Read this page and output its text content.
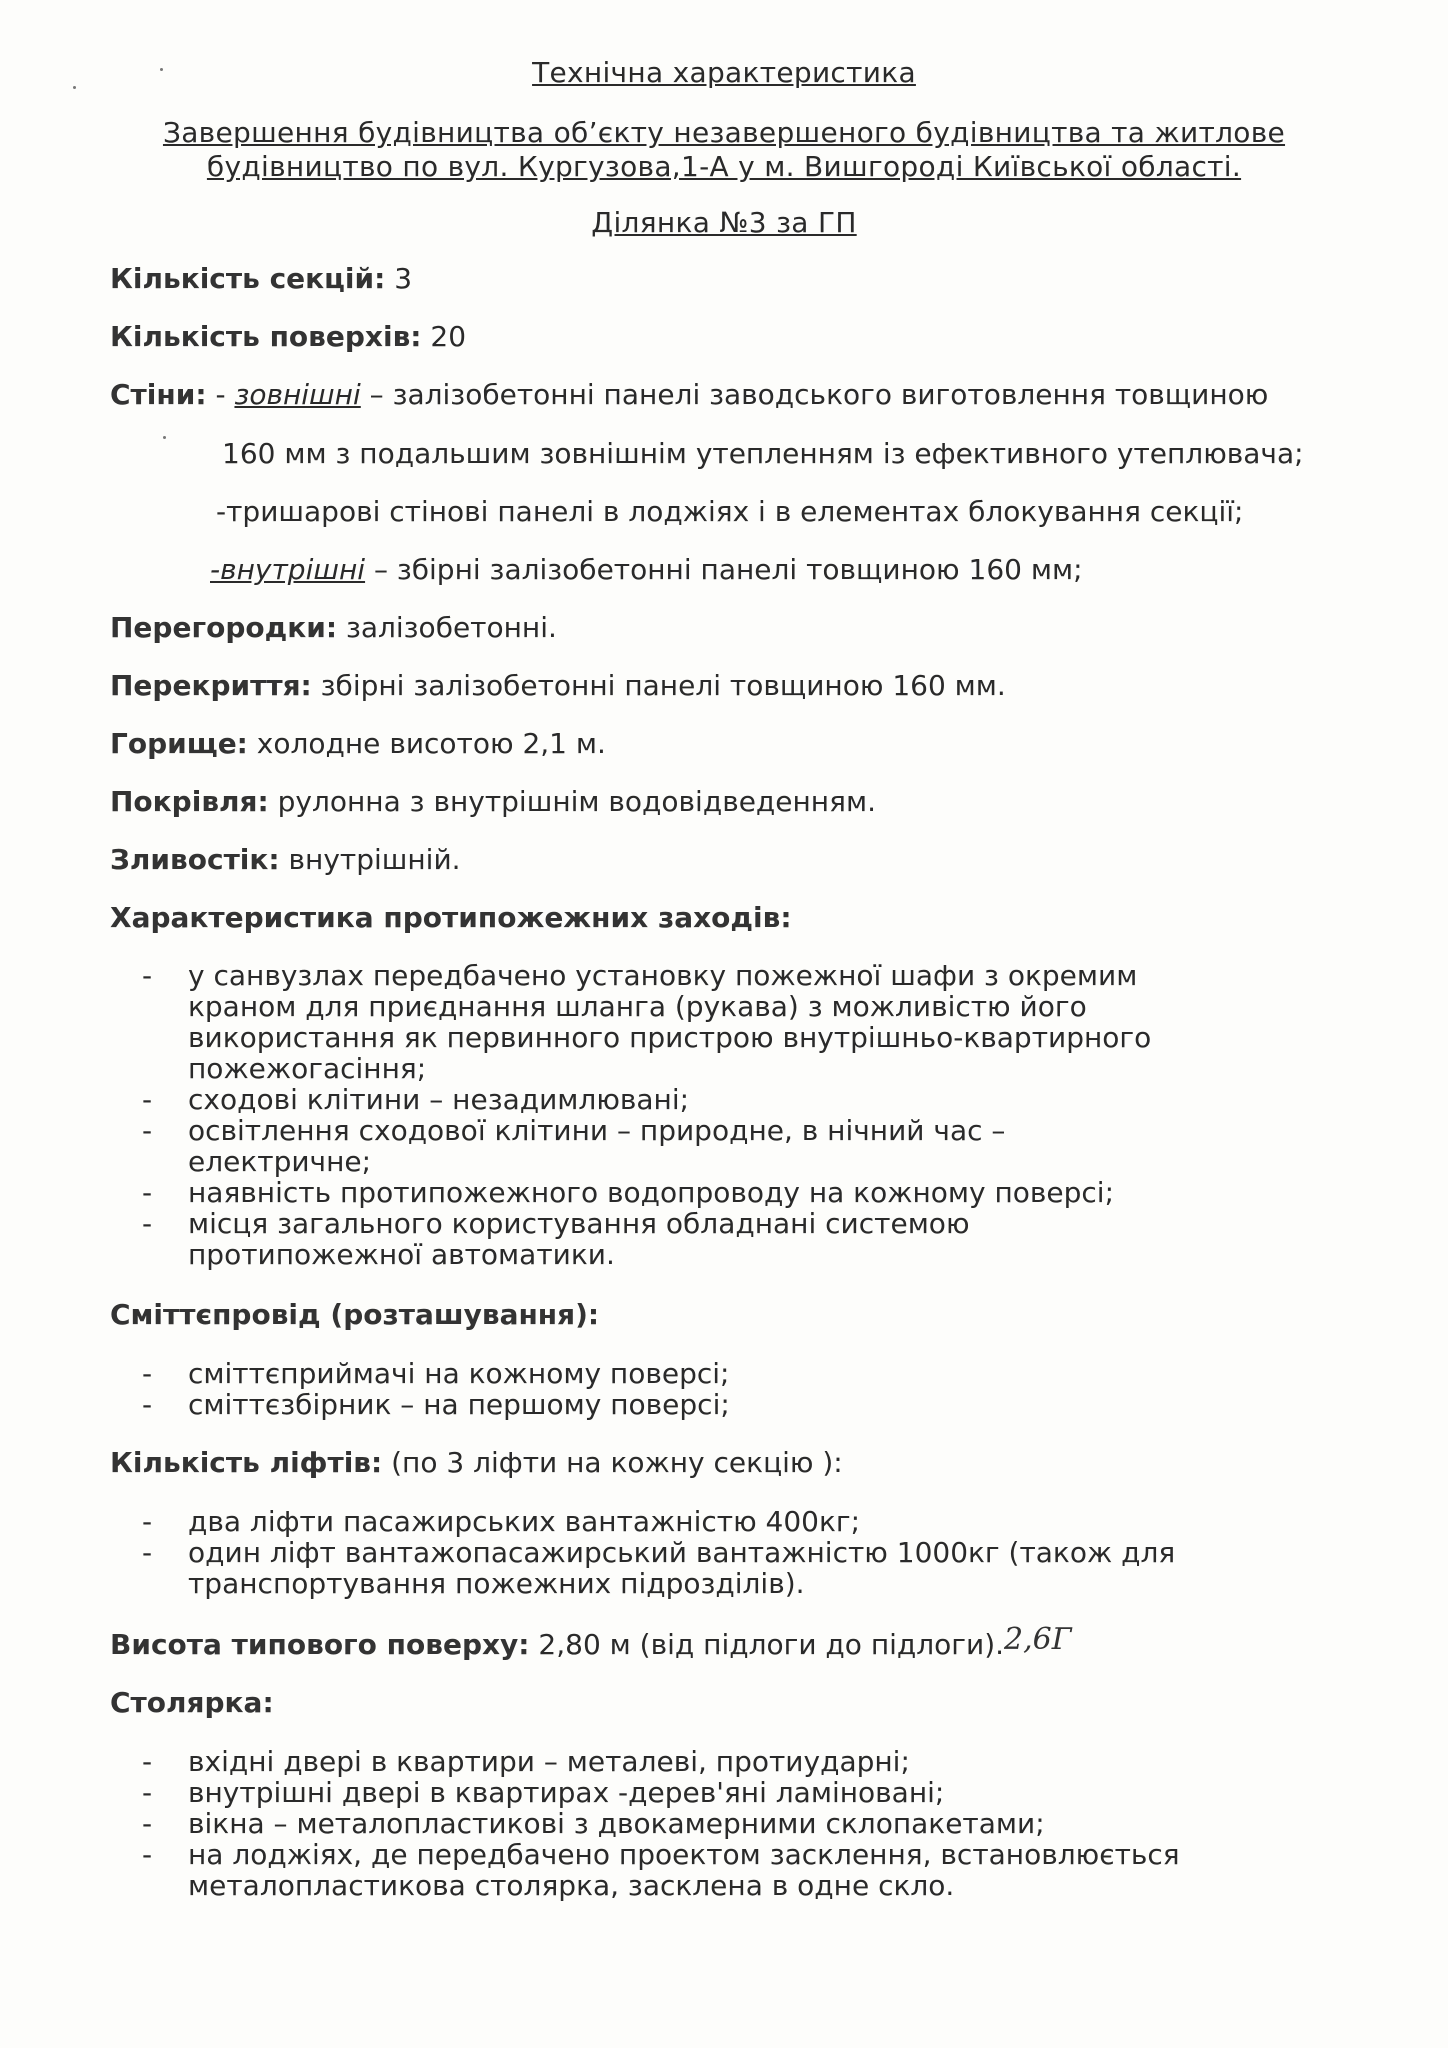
Технічна характеристика
Завершення будівництва об’єкту незавершеного будівництва та житлове
будівництво по вул. Кургузова,1-А у м. Вишгороді Київської області.
Ділянка №3 за ГП
Кількість секцій: 3
Кількість поверхів: 20
Стіни: - зовнішні – залізобетонні панелі заводського виготовлення товщиною
160 мм з подальшим зовнішнім утепленням із ефективного утеплювача;
-тришарові стінові панелі в лоджіях і в елементах блокування секції;
-внутрішні – збірні залізобетонні панелі товщиною 160 мм;
Перегородки: залізобетонні.
Перекриття: збірні залізобетонні панелі товщиною 160 мм.
Горище: холодне висотою 2,1 м.
Покрівля: рулонна з внутрішнім водовідведенням.
Зливостік: внутрішній.
Характеристика протипожежних заходів:
- у санвузлах передбачено установку пожежної шафи з окремим
краном для приєднання шланга (рукава) з можливістю його
використання як первинного пристрою внутрішньо-квартирного
пожежогасіння;
- сходові клітини – незадимлювані;
- освітлення сходової клітини – природне, в нічний час –
електричне;
- наявність протипожежного водопроводу на кожному поверсі;
- місця загального користування обладнані системою
протипожежної автоматики.
Сміттєпровід (розташування):
- сміттєприймачі на кожному поверсі;
- сміттєзбірник – на першому поверсі;
Кількість ліфтів: (по 3 ліфти на кожну секцію ):
- два ліфти пасажирських вантажністю 400кг;
- один ліфт вантажопасажирський вантажністю 1000кг (також для
транспортування пожежних підрозділів).
Висота типового поверху: 2,80 м (від підлоги до підлоги). 2,6Г
Столярка:
- вхідні двері в квартири – металеві, протиударні;
- внутрішні двері в квартирах -дерев'яні ламіновані;
- вікна – металопластикові з двокамерними склопакетами;
- на лоджіях, де передбачено проектом засклення, встановлюється
металопластикова столярка, засклена в одне скло.
